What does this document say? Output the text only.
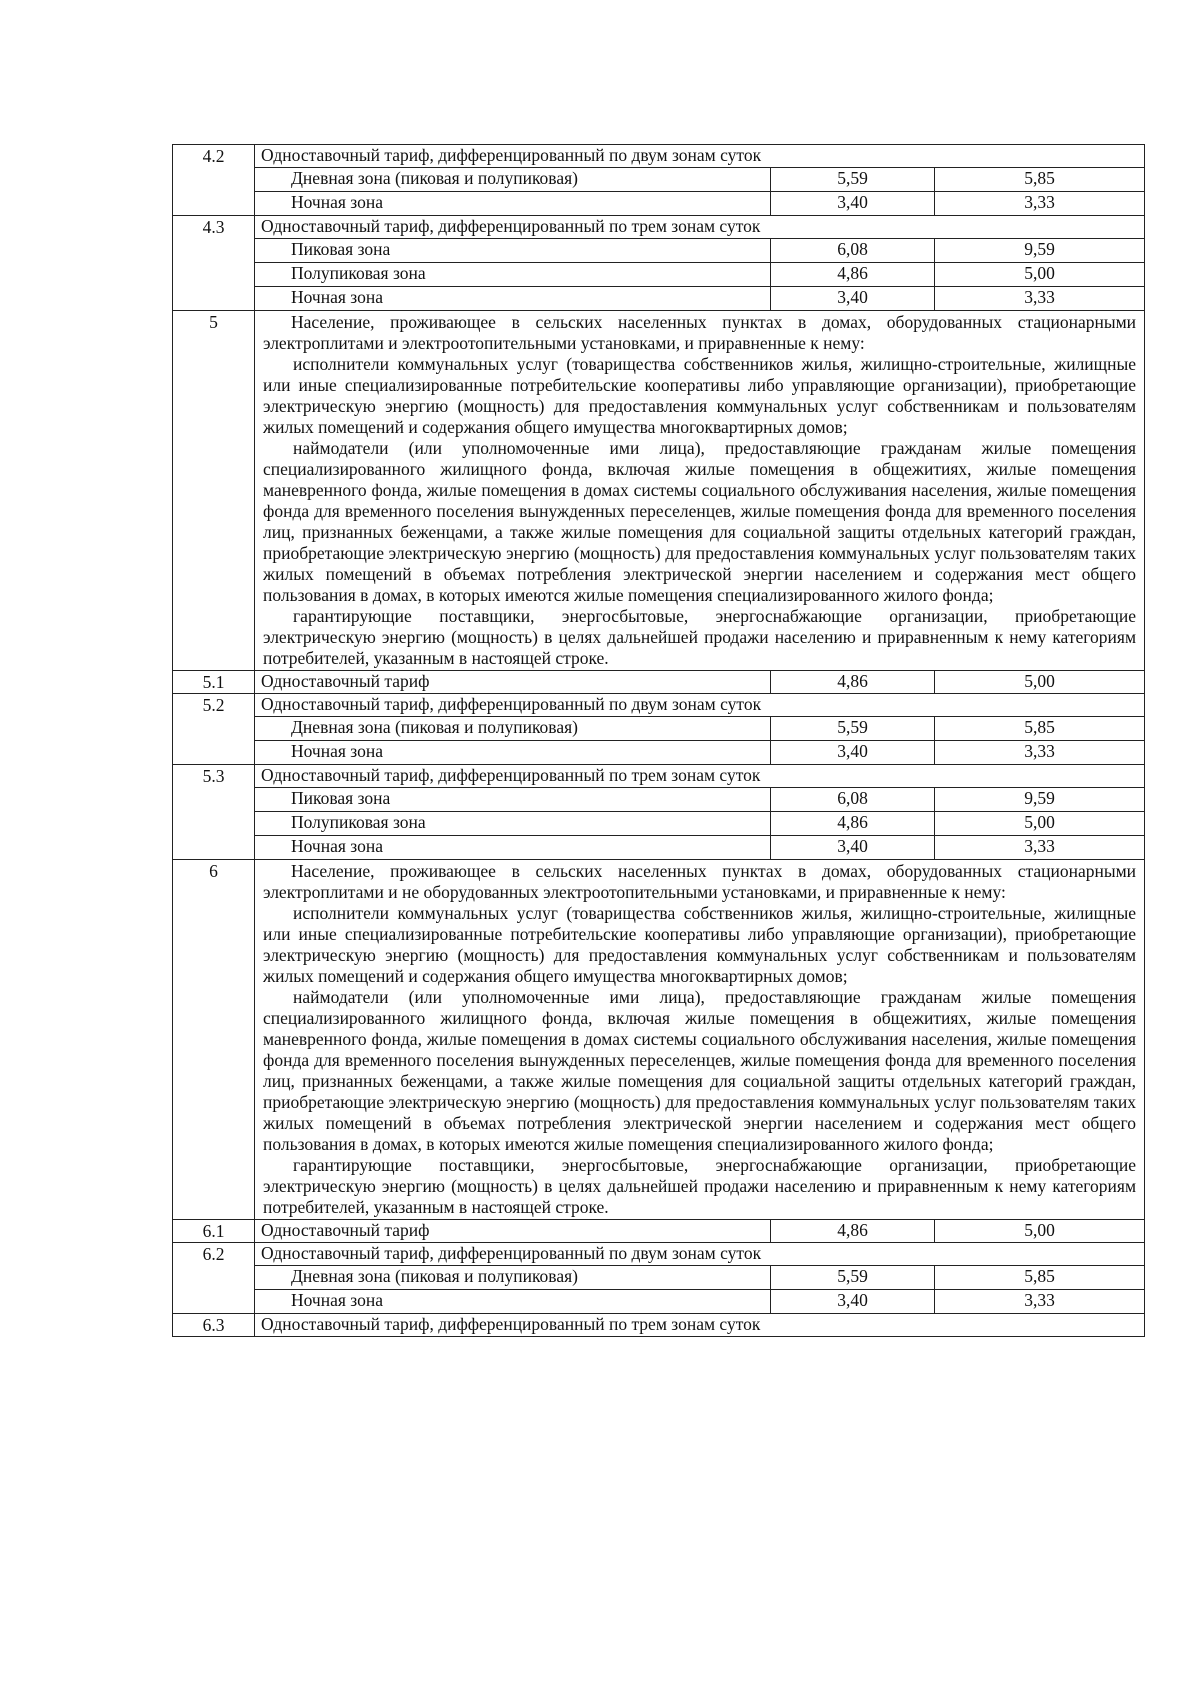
4.2	Одноставочный тариф, дифференцированный по двум зонам суток		
	Дневная зона (пиковая и полупиковая)	5,59	5,85
	Ночная зона	3,40	3,33
4.3	Одноставочный тариф, дифференцированный по трем зонам суток		
	Пиковая зона	6,08	9,59
	Полупиковая зона	4,86	5,00
	Ночная зона	3,40	3,33
5	Население, проживающее в сельских населенных пунктах в домах, оборудованных стационарными электроплитами и электроотопительными установками, и приравненные к нему:

исполнители коммунальных услуг (товарищества собственников жилья, жилищно-строительные, жилищные или иные специализированные потребительские кооперативы либо управляющие организации), приобретающие электрическую энергию (мощность) для предоставления коммунальных услуг собственникам и пользователям жилых помещений и содержания общего имущества многоквартирных домов;

наймодатели (или уполномоченные ими лица), предоставляющие гражданам жилые помещения специализированного жилищного фонда, включая жилые помещения в общежитиях, жилые помещения маневренного фонда, жилые помещения в домах системы социального обслуживания населения, жилые помещения фонда для временного поселения вынужденных переселенцев, жилые помещения фонда для временного поселения лиц, признанных беженцами, а также жилые помещения для социальной защиты отдельных категорий граждан, приобретающие электрическую энергию (мощность) для предоставления коммунальных услуг пользователям таких жилых помещений в объемах потребления электрической энергии населением и содержания мест общего пользования в домах, в которых имеются жилые помещения специализированного жилого фонда;

гарантирующие поставщики, энергосбытовые, энергоснабжающие организации, приобретающие электрическую энергию (мощность) в целях дальнейшей продажи населению и приравненным к нему категориям потребителей, указанным в настоящей строке.		

5.1	Одноставочный тариф	4,86	5,00
5.2	Одноставочный тариф, дифференцированный по двум зонам суток		
	Дневная зона (пиковая и полупиковая)	5,59	5,85
	Ночная зона	3,40	3,33
5.3	Одноставочный тариф, дифференцированный по трем зонам суток		
	Пиковая зона	6,08	9,59
	Полупиковая зона	4,86	5,00
	Ночная зона	3,40	3,33
6	Население, проживающее в сельских населенных пунктах в домах, оборудованных стационарными электроплитами и не оборудованных электроотопительными установками, и приравненные к нему:

исполнители коммунальных услуг (товарищества собственников жилья, жилищно-строительные, жилищные или иные специализированные потребительские кооперативы либо управляющие организации), приобретающие электрическую энергию (мощность) для предоставления коммунальных услуг собственникам и пользователям жилых помещений и содержания общего имущества многоквартирных домов;

наймодатели (или уполномоченные ими лица), предоставляющие гражданам жилые помещения специализированного жилищного фонда, включая жилые помещения в общежитиях, жилые помещения маневренного фонда, жилые помещения в домах системы социального обслуживания населения, жилые помещения фонда для временного поселения вынужденных переселенцев, жилые помещения фонда для временного поселения лиц, признанных беженцами, а также жилые помещения для социальной защиты отдельных категорий граждан, приобретающие электрическую энергию (мощность) для предоставления коммунальных услуг пользователям таких жилых помещений в объемах потребления электрической энергии населением и содержания мест общего пользования в домах, в которых имеются жилые помещения специализированного жилого фонда;

гарантирующие поставщики, энергосбытовые, энергоснабжающие организации, приобретающие электрическую энергию (мощность) в целях дальнейшей продажи населению и приравненным к нему категориям потребителей, указанным в настоящей строке.		

6.1	Одноставочный тариф	4,86	5,00
6.2	Одноставочный тариф, дифференцированный по двум зонам суток		
	Дневная зона (пиковая и полупиковая)	5,59	5,85
	Ночная зона	3,40	3,33
6.3	Одноставочный тариф, дифференцированный по трем зонам суток		
